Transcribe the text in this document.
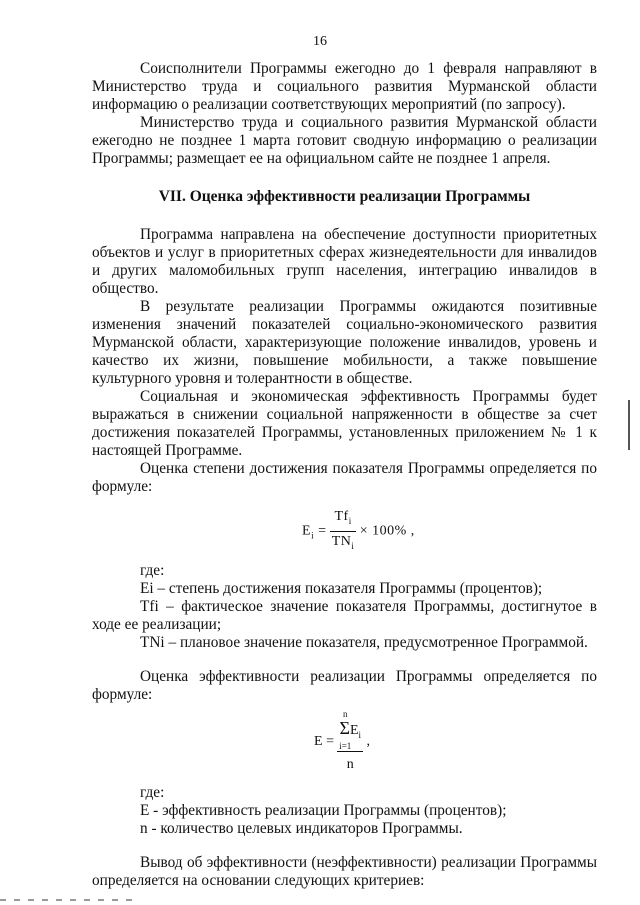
16

Соисполнители Программы ежегодно до 1 февраля направляют в Министерство труда и социального развития Мурманской области информацию о реализации соответствующих мероприятий (по запросу).

Министерство труда и социального развития Мурманской области ежегодно не позднее 1 марта готовит сводную информацию о реализации Программы; размещает ее на официальном сайте не позднее 1 апреля.

VII. Оценка эффективности реализации Программы

Программа направлена на обеспечение доступности приоритетных объектов и услуг в приоритетных сферах жизнедеятельности для инвалидов и других маломобильных групп населения, интеграцию инвалидов в общество.

В результате реализации Программы ожидаются позитивные изменения значений показателей социально-экономического развития Мурманской области, характеризующие положение инвалидов, уровень и качество их жизни, повышение мобильности, а также повышение культурного уровня и толерантности в обществе.

Социальная и экономическая эффективность Программы будет выражаться в снижении социальной напряженности в обществе за счет достижения показателей Программы, установленных приложением № 1 к настоящей Программе.

Оценка степени достижения показателя Программы определяется по формуле:

$E_i = \frac{Tf_i}{TN_i} \times 100\%$ ,

где:

Ei – степень достижения показателя Программы (процентов);

Tfi – фактическое значение показателя Программы, достигнутое в ходе ее реализации;

TNi – плановое значение показателя, предусмотренное Программой.

Оценка эффективности реализации Программы определяется по формуле:

E =
n
$\Sigma E_i$
i=1
n
,

где:

E - эффективность реализации Программы (процентов);

n - количество целевых индикаторов Программы.

Вывод об эффективности (неэффективности) реализации Программы определяется на основании следующих критериев:
